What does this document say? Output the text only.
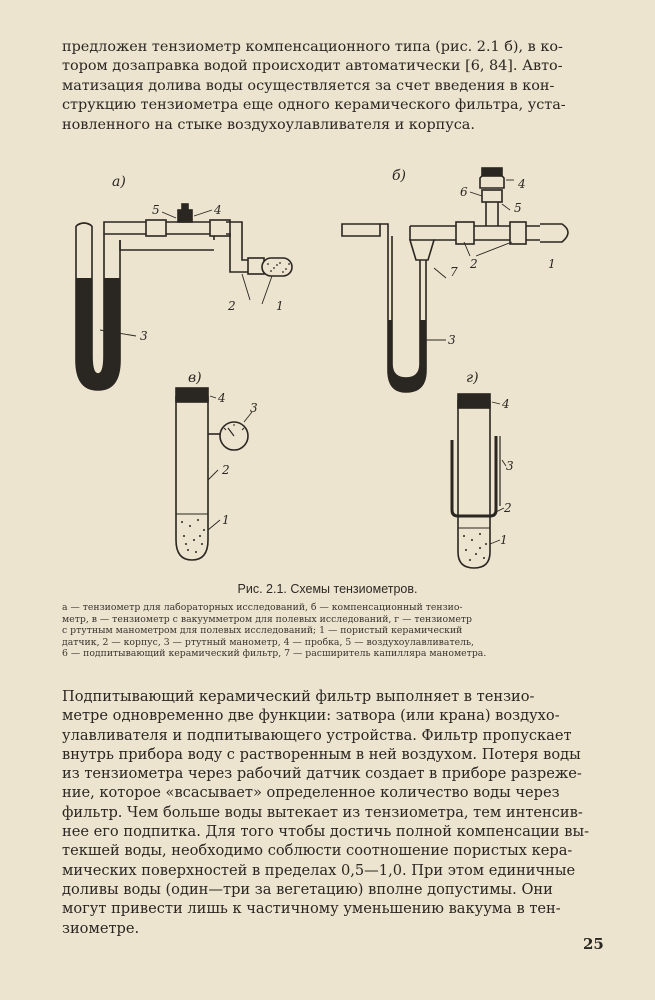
предложен тензиометр компенсационного типа (рис. 2.1 б), в ко-
тором дозаправка водой происходит автоматически [6, 84]. Авто-
матизация долива воды осуществляется за счет введения в кон-
струкцию тензиометра еще одного керамического фильтра, уста-
новленного на стыке воздухоулавливателя и корпуса.
а)
5	4
3
2	1
б)
6
4
5
7
2	1
3
в)
4
3
2
1
г)
4
3
2
1
Рис. 2.1. Схемы тензиометров.
а — тензиометр для лабораторных исследований, б — компенсационный тензио-
метр, в — тензиометр с вакуумметром для полевых исследований, г — тензиометр
с ртутным манометром для полевых исследований; 1 — пористый керамический
датчик, 2 — корпус, 3 — ртутный манометр, 4 — пробка, 5 — воздухоулавливатель,
6 — подпитывающий керамический фильтр, 7 — расширитель капилляра манометра.
Подпитывающий керамический фильтр выполняет в тензио-
метре одновременно две функции: затвора (или крана) воздухо-
улавливателя и подпитывающего устройства. Фильтр пропускает
внутрь прибора воду с растворенным в ней воздухом. Потеря воды
из тензиометра через рабочий датчик создает в приборе разреже-
ние, которое «всасывает» определенное количество воды через
фильтр. Чем больше воды вытекает из тензиометра, тем интенсив-
нее его подпитка. Для того чтобы достичь полной компенсации вы-
текшей воды, необходимо соблюсти соотношение пористых кера-
мических поверхностей в пределах 0,5—1,0. При этом единичные
доливы воды (один—три за вегетацию) вполне допустимы. Они
могут привести лишь к частичному уменьшению вакуума в тен-
зиометре.
25
